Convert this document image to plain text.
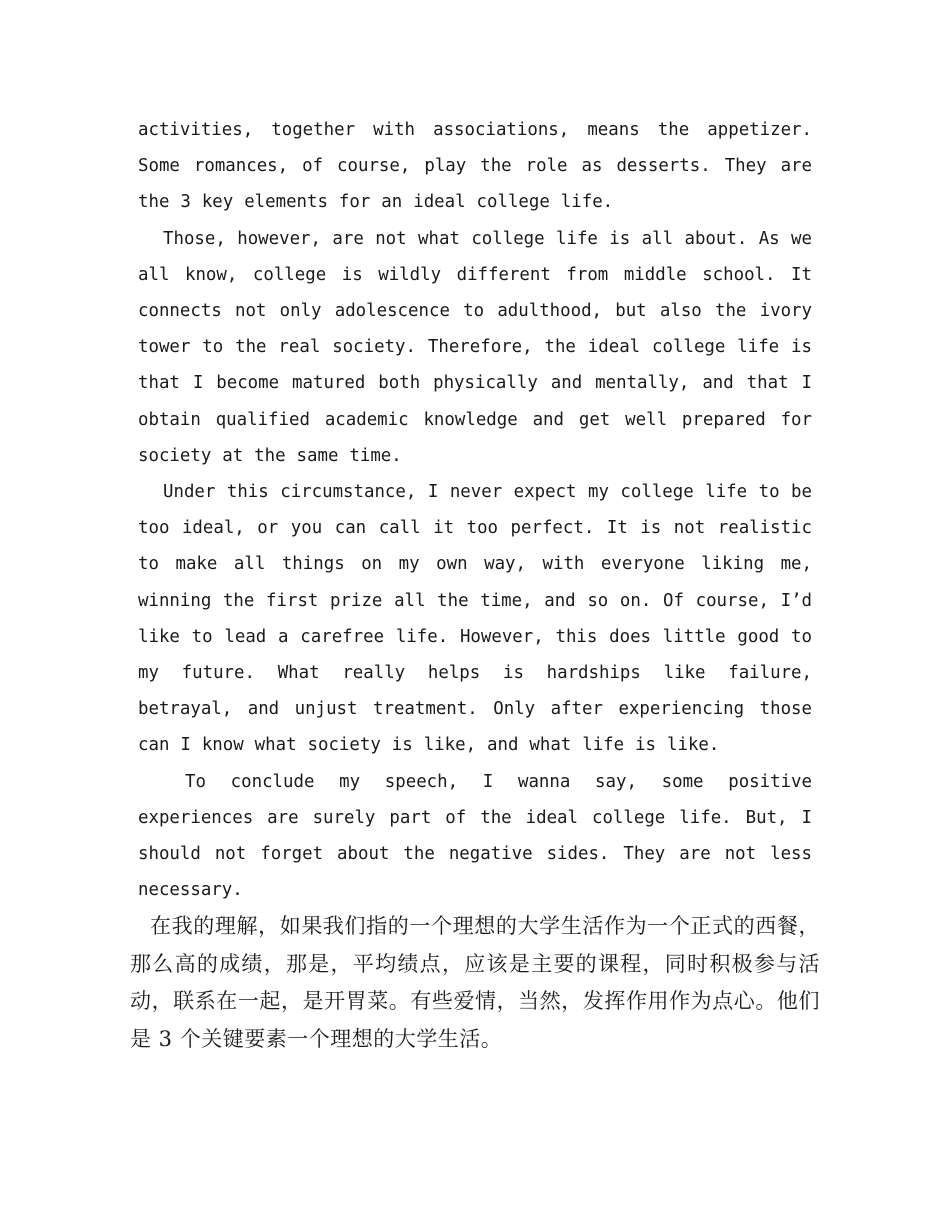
activities, together with associations, means the appetizer. Some romances, of course, play the role as desserts. They are the 3 key elements for an ideal college life.

Those, however, are not what college life is all about. As we all know, college is wildly different from middle school. It connects not only adolescence to adulthood, but also the ivory tower to the real society. Therefore, the ideal college life is that I become matured both physically and mentally, and that I obtain qualified academic knowledge and get well prepared for society at the same time.

Under this circumstance, I never expect my college life to be too ideal, or you can call it too perfect. It is not realistic to make all things on my own way, with everyone liking me, winning the first prize all the time, and so on. Of course, I’d like to lead a carefree life. However, this does little good to my future. What really helps is hardships like failure, betrayal, and unjust treatment. Only after experiencing those can I know what society is like, and what life is like.

To conclude my speech, I wanna say, some positive experiences are surely part of the ideal college life. But, I should not forget about the negative sides. They are not less necessary.

在我的理解，如果我们指的一个理想的大学生活作为一个正式的西餐，那么高的成绩，那是，平均绩点，应该是主要的课程，同时积极参与活动，联系在一起，是开胃菜。有些爱情，当然，发挥作用作为点心。他们是 3 个关键要素一个理想的大学生活。
